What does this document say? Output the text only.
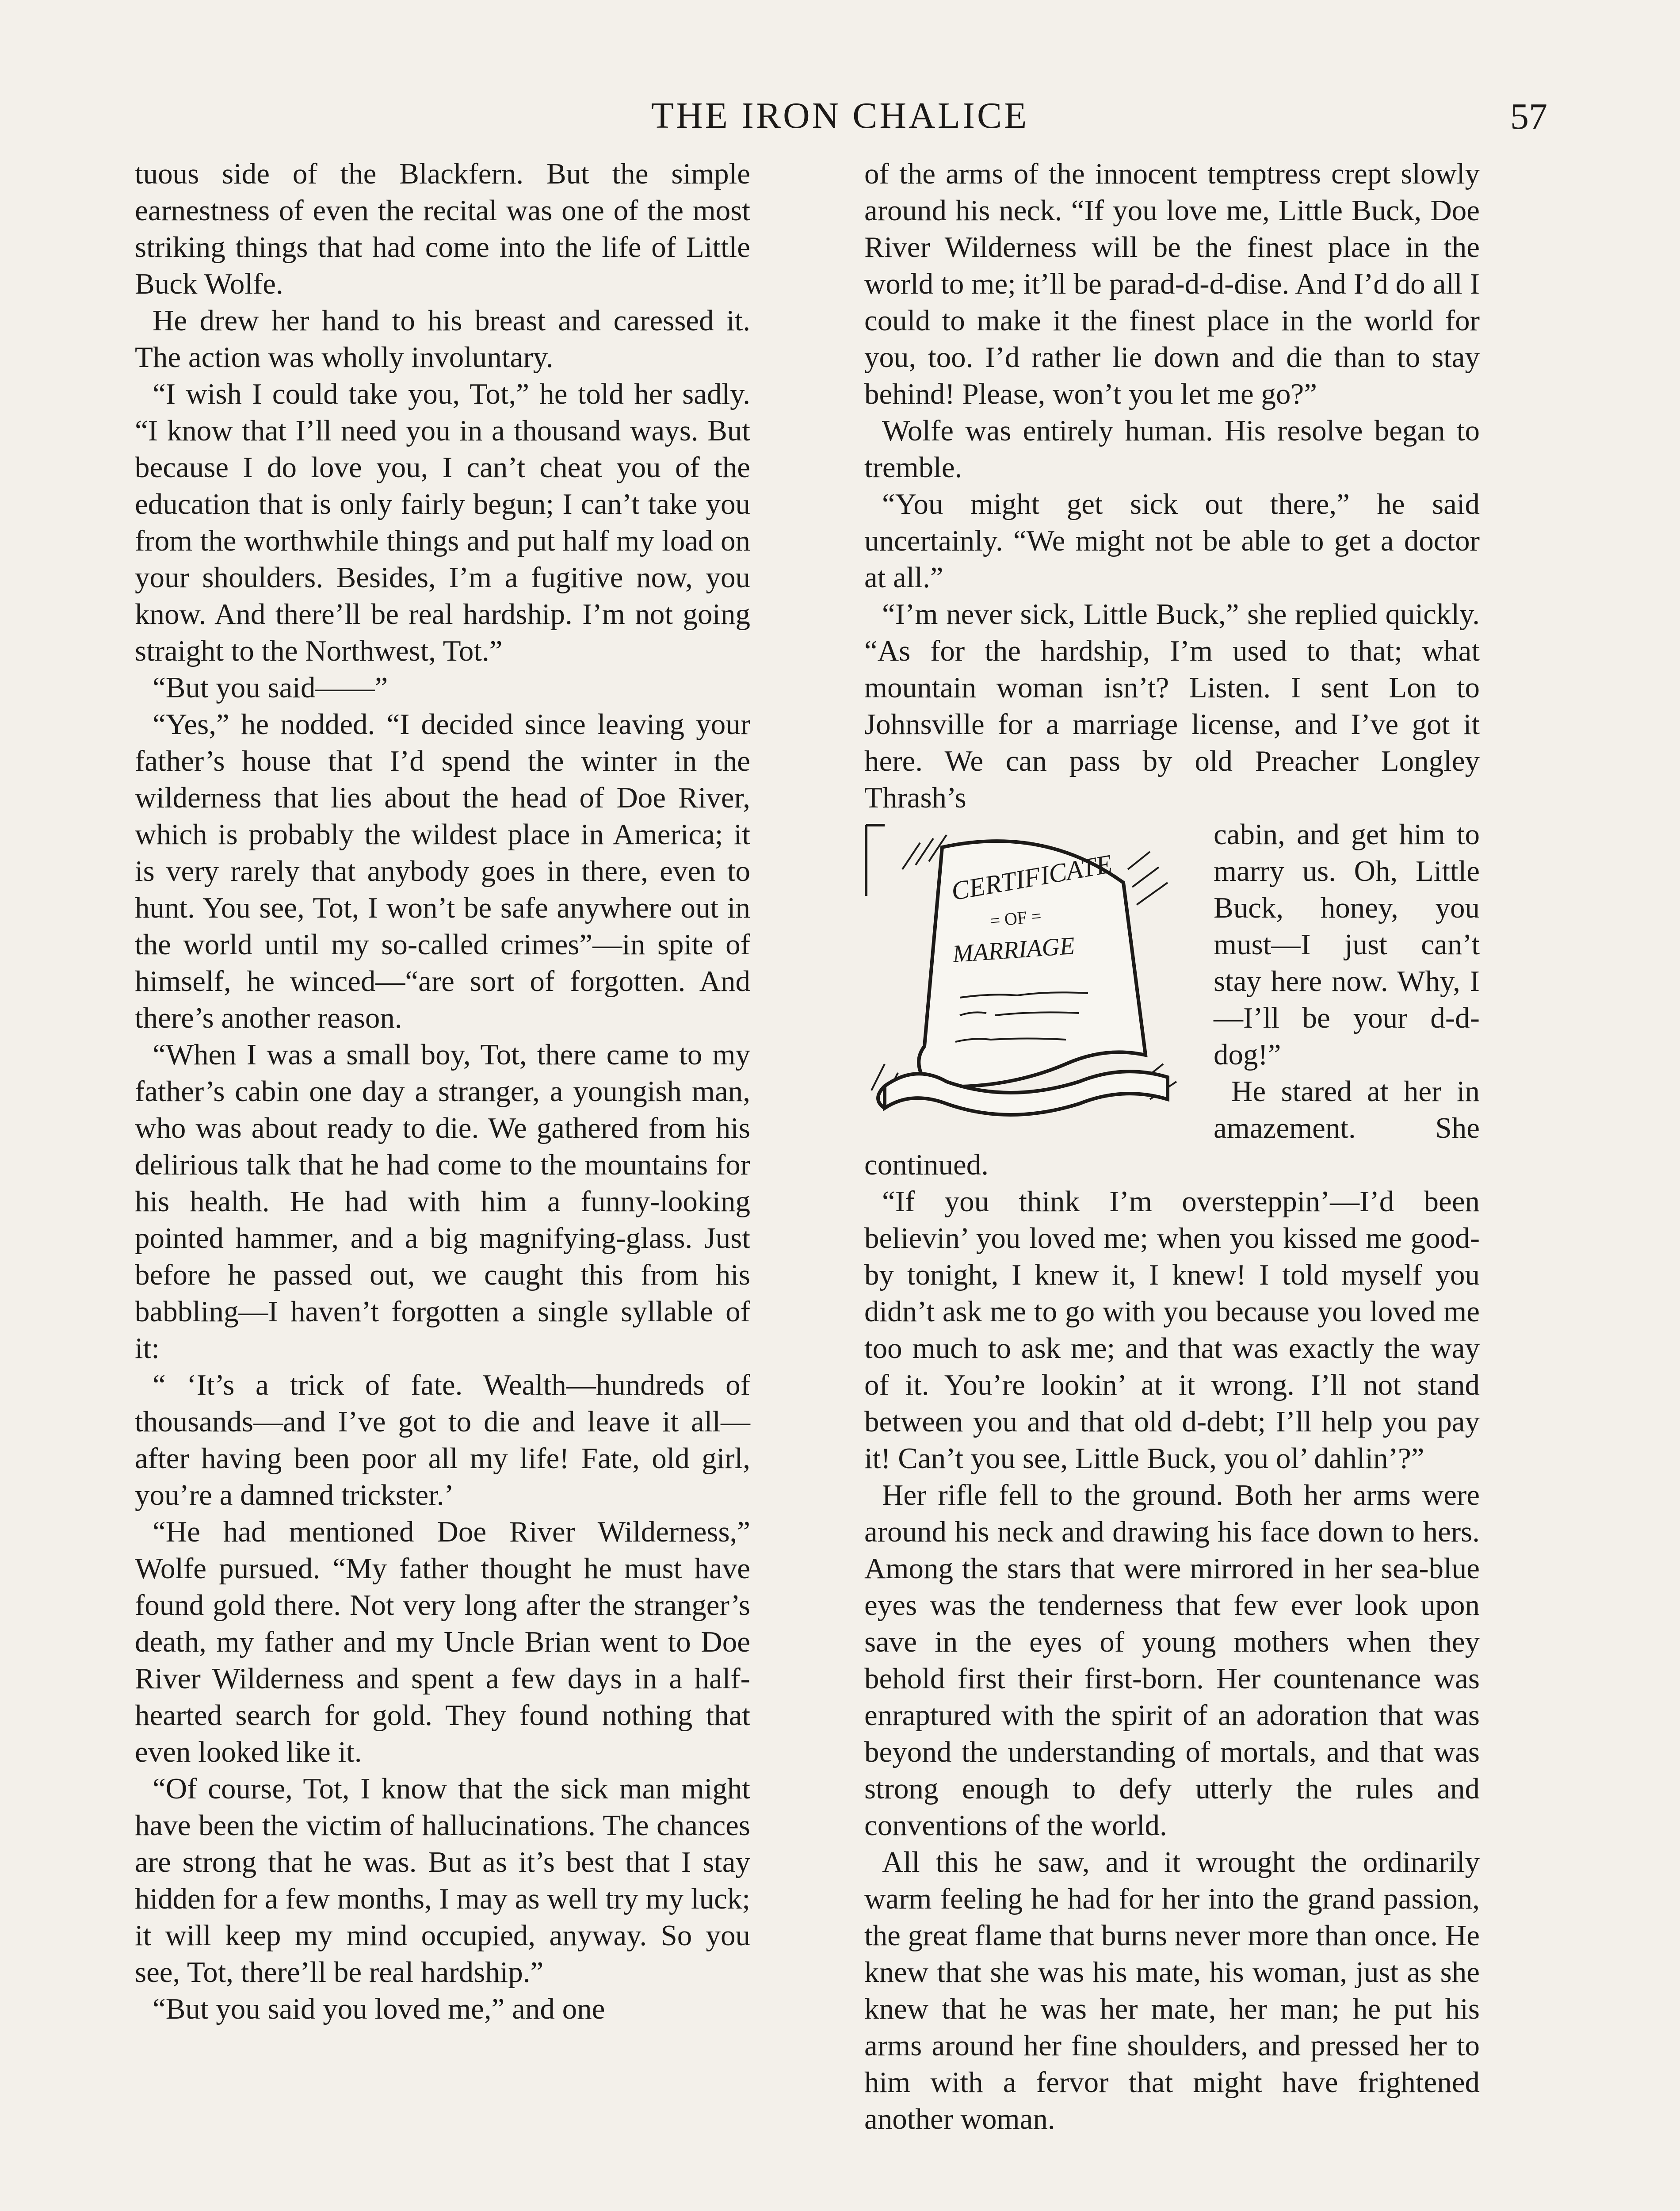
THE IRON CHALICE	57

tuous side of the Blackfern. But the simple earnestness of even the recital was one of the most striking things that had come into the life of Little Buck Wolfe.

He drew her hand to his breast and caressed it. The action was wholly involuntary.

“I wish I could take you, Tot,” he told her sadly. “I know that I’ll need you in a thousand ways. But because I do love you, I can’t cheat you of the education that is only fairly begun; I can’t take you from the worthwhile things and put half my load on your shoulders. Besides, I’m a fugitive now, you know. And there’ll be real hardship. I’m not going straight to the Northwest, Tot.”

“But you said——”

“Yes,” he nodded. “I decided since leaving your father’s house that I’d spend the winter in the wilderness that lies about the head of Doe River, which is probably the wildest place in America; it is very rarely that anybody goes in there, even to hunt. You see, Tot, I won’t be safe anywhere out in the world until my so-called crimes”—in spite of himself, he winced—“are sort of forgotten. And there’s another reason.

“When I was a small boy, Tot, there came to my father’s cabin one day a stranger, a youngish man, who was about ready to die. We gathered from his delirious talk that he had come to the mountains for his health. He had with him a funny-looking pointed hammer, and a big magnifying-glass. Just before he passed out, we caught this from his babbling—I haven’t forgotten a single syllable of it:

“ ‘It’s a trick of fate. Wealth—hundreds of thousands—and I’ve got to die and leave it all—after having been poor all my life! Fate, old girl, you’re a damned trickster.’

“He had mentioned Doe River Wilderness,” Wolfe pursued. “My father thought he must have found gold there. Not very long after the stranger’s death, my father and my Uncle Brian went to Doe River Wilderness and spent a few days in a half-hearted search for gold. They found nothing that even looked like it.

“Of course, Tot, I know that the sick man might have been the victim of hallucinations. The chances are strong that he was. But as it’s best that I stay hidden for a few months, I may as well try my luck; it will keep my mind occupied, anyway. So you see, Tot, there’ll be real hardship.”

“But you said you loved me,” and one

of the arms of the innocent temptress crept slowly around his neck. “If you love me, Little Buck, Doe River Wilderness will be the finest place in the world to me; it’ll be parad-d-d-dise. And I’d do all I could to make it the finest place in the world for you, too. I’d rather lie down and die than to stay behind! Please, won’t you let me go?”

Wolfe was entirely human. His resolve began to tremble.

“You might get sick out there,” he said uncertainly. “We might not be able to get a doctor at all.”

“I’m never sick, Little Buck,” she replied quickly. “As for the hardship, I’m used to that; what mountain woman isn’t? Listen. I sent Lon to Johnsville for a marriage license, and I’ve got it here. We can pass by old Preacher Longley Thrash’s

CERTIFICATE
= OF =
MARRIAGE

cabin, and get him to marry us. Oh, Little Buck, honey, you must—I just can’t stay here now. Why, I—I’ll be your d-d-dog!”

He stared at her in amazement. She continued.

“If you think I’m oversteppin’—I’d been believin’ you loved me; when you kissed me good-by tonight, I knew it, I knew! I told myself you didn’t ask me to go with you because you loved me too much to ask me; and that was exactly the way of it. You’re lookin’ at it wrong. I’ll not stand between you and that old d-debt; I’ll help you pay it! Can’t you see, Little Buck, you ol’ dahlin’?”

Her rifle fell to the ground. Both her arms were around his neck and drawing his face down to hers. Among the stars that were mirrored in her sea-blue eyes was the tenderness that few ever look upon save in the eyes of young mothers when they behold first their first-born. Her countenance was enraptured with the spirit of an adoration that was beyond the understanding of mortals, and that was strong enough to defy utterly the rules and conventions of the world.

All this he saw, and it wrought the ordinarily warm feeling he had for her into the grand passion, the great flame that burns never more than once. He knew that she was his mate, his woman, just as she knew that he was her mate, her man; he put his arms around her fine shoulders, and pressed her to him with a fervor that might have frightened another woman.
